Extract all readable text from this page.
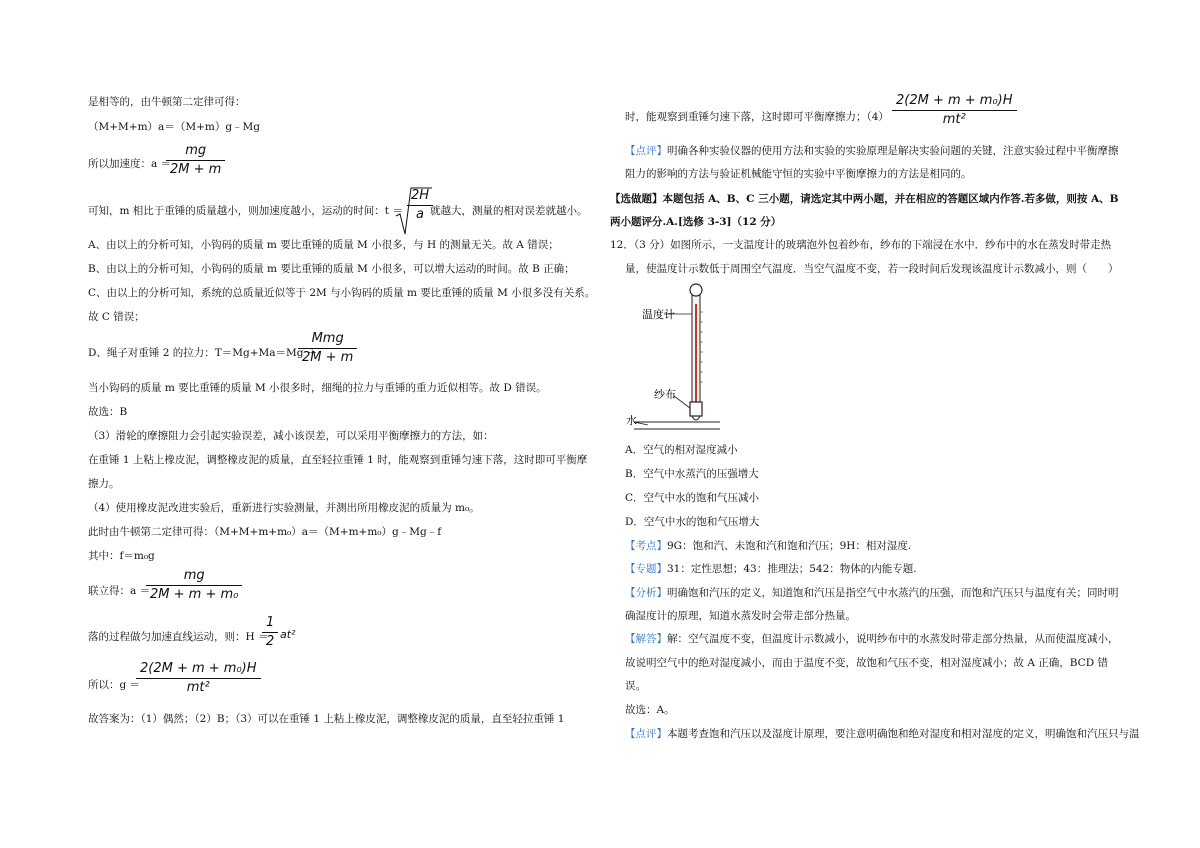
是相等的，由牛顿第二定律可得：
（M+M+m）a＝（M+m）g﹣Mg
所以加速度：a ＝
mg
2M + m
可知，m 相比于重锤的质量越小，则加速度越小，运动的时间：t ＝
2H
a 就越大，测量的相对误差就越小。
A、由以上的分析可知，小钩码的质量 m 要比重锤的质量 M 小很多，与 H 的测量无关。故 A 错误；
B、由以上的分析可知，小钩码的质量 m 要比重锤的质量 M 小很多，可以增大运动的时间。故 B 正确；
C、由以上的分析可知，系统的总质量近似等于 2M 与小钩码的质量 m 要比重锤的质量 M 小很多没有关系。
故 C 错误；
D、绳子对重锤 2 的拉力：T＝Mg+Ma＝Mg ＋
Mmg
2M + m
当小钩码的质量 m 要比重锤的质量 M 小很多时，细绳的拉力与重锤的重力近似相等。故 D 错误。
故选：B
（3）滑轮的摩擦阻力会引起实验误差，减小该误差，可以采用平衡摩擦力的方法，如：
在重锤 1 上粘上橡皮泥，调整橡皮泥的质量，直至轻拉重锤 1 时，能观察到重锤匀速下落，这时即可平衡摩
擦力。
（4）使用橡皮泥改进实验后，重新进行实验测量，并测出所用橡皮泥的质量为 m₀。
此时由牛顿第二定律可得：（M+M+m+m₀）a＝（M+m+m₀）g﹣Mg﹣f
其中：f＝m₀g
联立得：a ＝
mg
2M + m + m₀
落的过程做匀加速直线运动，则：H ＝
1
2 at²
所以：g ＝
2(2M + m + m₀)H
mt²
故答案为：（1）偶然；（2）B；（3）可以在重锤 1 上粘上橡皮泥，调整橡皮泥的质量，直至轻拉重锤 1
时，能观察到重锤匀速下落，这时即可平衡摩擦力；（4）
2(2M + m + m₀)H
mt²
【点评】明确各种实验仪器的使用方法和实验的实验原理是解决实验问题的关键，注意实验过程中平衡摩擦
阻力的影响的方法与验证机械能守恒的实验中平衡摩擦力的方法是相同的。
【选做题】本题包括 A、B、C 三小题，请选定其中两小题，并在相应的答题区域内作答.若多做，则按 A、B
两小题评分.A.[选修 3-3]（12 分）
12．（3 分）如图所示，一支温度计的玻璃泡外包着纱布，纱布的下端浸在水中．纱布中的水在蒸发时带走热
量，使温度计示数低于周围空气温度．当空气温度不变，若一段时间后发现该温度计示数减小，则（　　）
温度计
纱布
水
A．空气的相对湿度减小
B．空气中水蒸汽的压强增大
C．空气中水的饱和气压减小
D．空气中水的饱和气压增大
【考点】9G：饱和汽、未饱和汽和饱和汽压；9H：相对湿度.
【专题】31：定性思想；43：推理法；542：物体的内能专题.
【分析】明确饱和汽压的定义，知道饱和汽压是指空气中水蒸汽的压强，而饱和汽压只与温度有关；同时明
确湿度计的原理，知道水蒸发时会带走部分热量。
【解答】解：空气温度不变，但温度计示数减小，说明纱布中的水蒸发时带走部分热量，从而使温度减小，
故说明空气中的绝对湿度减小，而由于温度不变，故饱和气压不变，相对湿度减小；故 A 正确，BCD 错
误。
故选：A。
【点评】本题考查饱和汽压以及湿度计原理，要注意明确饱和绝对湿度和相对湿度的定义，明确饱和汽压只与温
